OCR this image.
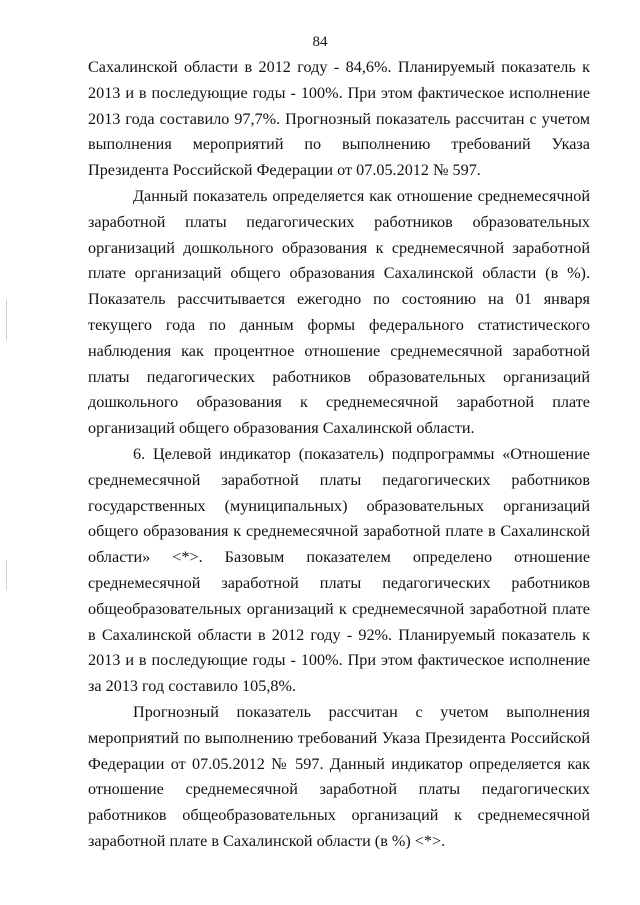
84

Сахалинской области в 2012 году - 84,6%. Планируемый показатель к 2013 и в последующие годы - 100%. При этом фактическое исполнение 2013 года составило 97,7%. Прогнозный показатель рассчитан с учетом выполнения мероприятий по выполнению требований Указа Президента Российской Федерации от 07.05.2012 № 597.

Данный показатель определяется как отношение среднемесячной заработной платы педагогических работников образовательных организаций дошкольного образования к среднемесячной заработной плате организаций общего образования Сахалинской области (в %). Показатель рассчитывается ежегодно по состоянию на 01 января текущего года по данным формы федерального статистического наблюдения как процентное отношение среднемесячной заработной платы педагогических работников образовательных организаций дошкольного образования к среднемесячной заработной плате организаций общего образования Сахалинской области.

6. Целевой индикатор (показатель) подпрограммы «Отношение среднемесячной заработной платы педагогических работников государственных (муниципальных) образовательных организаций общего образования к среднемесячной заработной плате в Сахалинской области» <*>. Базовым показателем определено отношение среднемесячной заработной платы педагогических работников общеобразовательных организаций к среднемесячной заработной плате в Сахалинской области в 2012 году - 92%. Планируемый показатель к 2013 и в последующие годы - 100%. При этом фактическое исполнение за 2013 год составило 105,8%.

Прогнозный показатель рассчитан с учетом выполнения мероприятий по выполнению требований Указа Президента Российской Федерации от 07.05.2012 № 597. Данный индикатор определяется как отношение среднемесячной заработной платы педагогических работников общеобразовательных организаций к среднемесячной заработной плате в Сахалинской области (в %) <*>.
